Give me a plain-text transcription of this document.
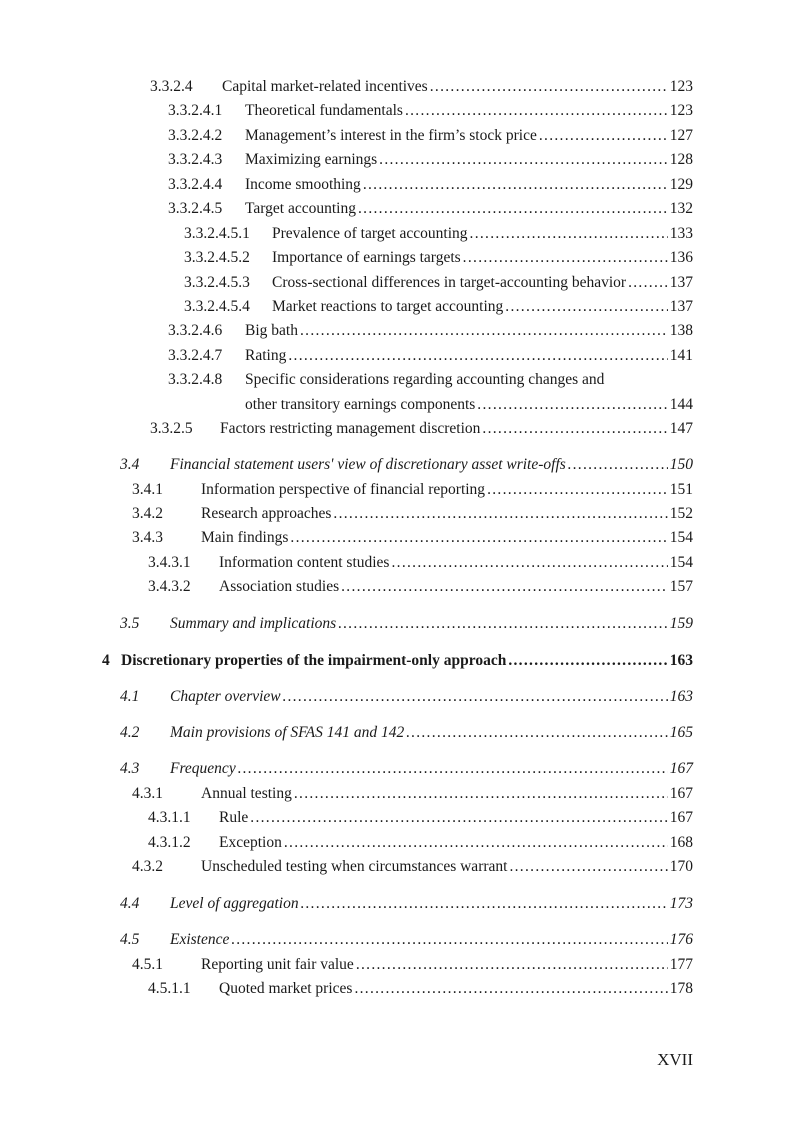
3.3.2.4 Capital market-related incentives .....	123
3.3.2.4.1 Theoretical fundamentals .....	123
3.3.2.4.2 Management’s interest in the firm’s stock price .....	127
3.3.2.4.3 Maximizing earnings .....	128
3.3.2.4.4 Income smoothing .....	129
3.3.2.4.5 Target accounting .....	132
3.3.2.4.5.1 Prevalence of target accounting .....	133
3.3.2.4.5.2 Importance of earnings targets .....	136
3.3.2.4.5.3 Cross-sectional differences in target-accounting behavior .....	137
3.3.2.4.5.4 Market reactions to target accounting .....	137
3.3.2.4.6 Big bath .....	138
3.3.2.4.7 Rating .....	141
3.3.2.4.8 Specific considerations regarding accounting changes and
other transitory earnings components .....	144
3.3.2.5 Factors restricting management discretion .....	147
3.4 Financial statement users' view of discretionary asset write-offs .....	150
3.4.1 Information perspective of financial reporting .....	151
3.4.2 Research approaches .....	152
3.4.3 Main findings .....	154
3.4.3.1 Information content studies .....	154
3.4.3.2 Association studies .....	157
3.5 Summary and implications .....	159
4 Discretionary properties of the impairment-only approach .....	163
4.1 Chapter overview .....	163
4.2 Main provisions of SFAS 141 and 142 .....	165
4.3 Frequency .....	167
4.3.1 Annual testing .....	167
4.3.1.1 Rule .....	167
4.3.1.2 Exception .....	168
4.3.2 Unscheduled testing when circumstances warrant .....	170
4.4 Level of aggregation .....	173
4.5 Existence .....	176
4.5.1 Reporting unit fair value .....	177
4.5.1.1 Quoted market prices .....	178
XVII
